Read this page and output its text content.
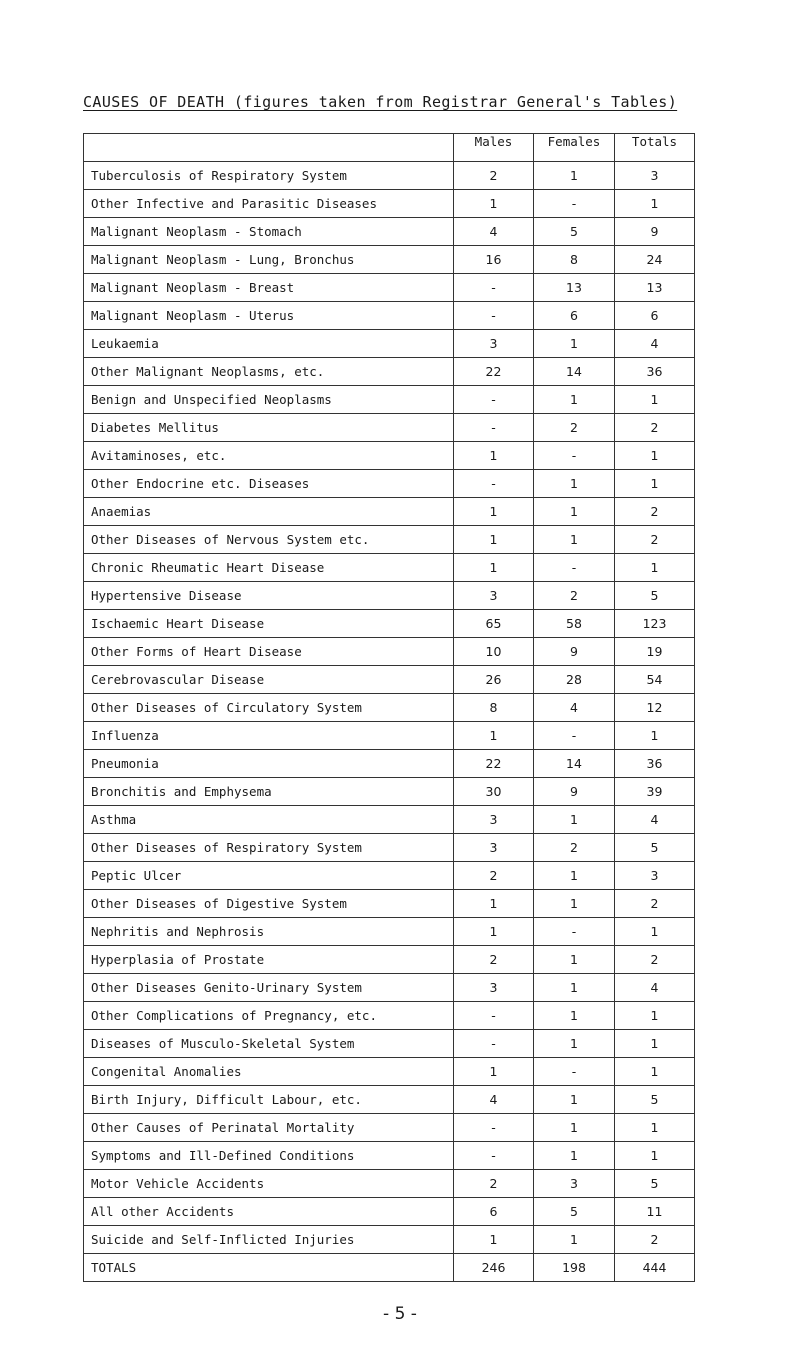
CAUSES OF DEATH (figures taken from Registrar General's Tables)
	Males	Females	Totals
Tuberculosis of Respiratory System	2	1	3
Other Infective and Parasitic Diseases	1	-	1
Malignant Neoplasm - Stomach	4	5	9
Malignant Neoplasm - Lung, Bronchus	16	8	24
Malignant Neoplasm - Breast	-	13	13
Malignant Neoplasm - Uterus	-	6	6
Leukaemia	3	1	4
Other Malignant Neoplasms, etc.	22	14	36
Benign and Unspecified Neoplasms	-	1	1
Diabetes Mellitus	-	2	2
Avitaminoses, etc.	1	-	1
Other Endocrine etc. Diseases	-	1	1
Anaemias	1	1	2
Other Diseases of Nervous System etc.	1	1	2
Chronic Rheumatic Heart Disease	1	-	1
Hypertensive Disease	3	2	5
Ischaemic Heart Disease	65	58	123
Other Forms of Heart Disease	10	9	19
Cerebrovascular Disease	26	28	54
Other Diseases of Circulatory System	8	4	12
Influenza	1	-	1
Pneumonia	22	14	36
Bronchitis and Emphysema	30	9	39
Asthma	3	1	4
Other Diseases of Respiratory System	3	2	5
Peptic Ulcer	2	1	3
Other Diseases of Digestive System	1	1	2
Nephritis and Nephrosis	1	-	1
Hyperplasia of Prostate	2	1	2
Other Diseases Genito-Urinary System	3	1	4
Other Complications of Pregnancy, etc.	-	1	1
Diseases of Musculo-Skeletal System	-	1	1
Congenital Anomalies	1	-	1
Birth Injury, Difficult Labour, etc.	4	1	5
Other Causes of Perinatal Mortality	-	1	1
Symptoms and Ill-Defined Conditions	-	1	1
Motor Vehicle Accidents	2	3	5
All other Accidents	6	5	11
Suicide and Self-Inflicted Injuries	1	1	2
TOTALS	246	198	444
- 5 -
